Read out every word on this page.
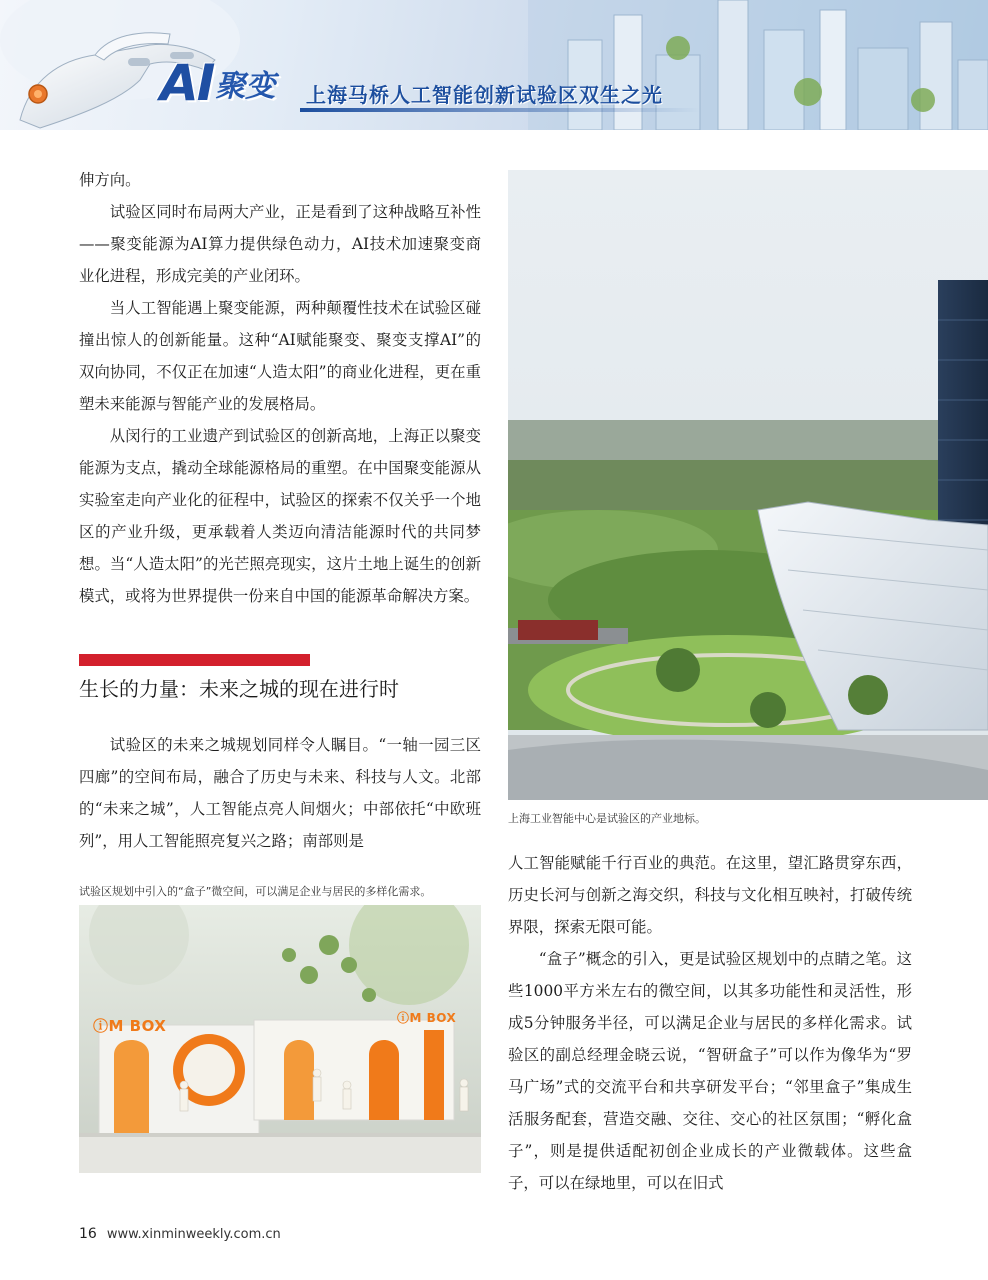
AI 聚变 上海马桥人工智能创新试验区双生之光

伸方向。

试验区同时布局两大产业，正是看到了这种战略互补性——聚变能源为AI算力提供绿色动力，AI技术加速聚变商业化进程，形成完美的产业闭环。

当人工智能遇上聚变能源，两种颠覆性技术在试验区碰撞出惊人的创新能量。这种“AI赋能聚变、聚变支撑AI”的双向协同，不仅正在加速“人造太阳”的商业化进程，更在重塑未来能源与智能产业的发展格局。

从闵行的工业遗产到试验区的创新高地，上海正以聚变能源为支点，撬动全球能源格局的重塑。在中国聚变能源从实验室走向产业化的征程中，试验区的探索不仅关乎一个地区的产业升级，更承载着人类迈向清洁能源时代的共同梦想。当“人造太阳”的光芒照亮现实，这片土地上诞生的创新模式，或将为世界提供一份来自中国的能源革命解决方案。

生长的力量：未来之城的现在进行时

试验区的未来之城规划同样令人瞩目。“一轴一园三区四廊”的空间布局，融合了历史与未来、科技与人文。北部的“未来之城”，人工智能点亮人间烟火；中部依托“中欧班列”，用人工智能照亮复兴之路；南部则是

上海工业智能中心是试验区的产业地标。
试验区规划中引入的“盒子”微空间，可以满足企业与居民的多样化需求。
ⓘM BOX	ⓘM BOX

人工智能赋能千行百业的典范。在这里，望汇路贯穿东西，历史长河与创新之海交织，科技与文化相互映衬，打破传统界限，探索无限可能。

“盒子”概念的引入，更是试验区规划中的点睛之笔。这些1000平方米左右的微空间，以其多功能性和灵活性，形成5分钟服务半径，可以满足企业与居民的多样化需求。试验区的副总经理金晓云说，“智研盒子”可以作为像华为“罗马广场”式的交流平台和共享研发平台；“邻里盒子”集成生活服务配套，营造交融、交往、交心的社区氛围；“孵化盒子”，则是提供适配初创企业成长的产业微载体。这些盒子，可以在绿地里，可以在旧式

16 www.xinminweekly.com.cn
